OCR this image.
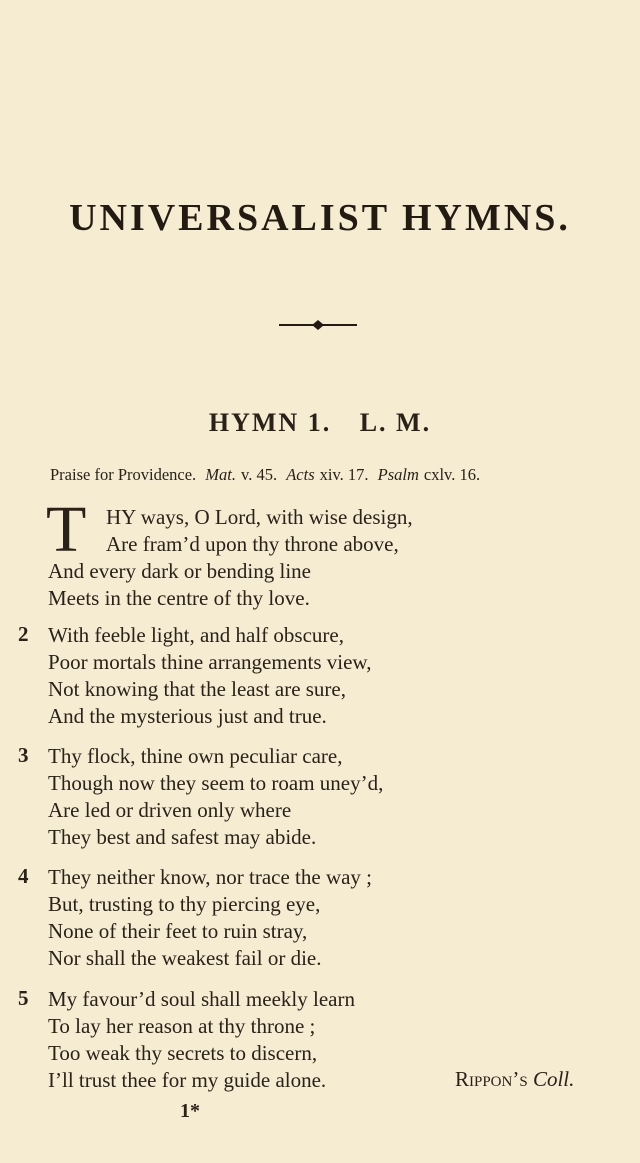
UNIVERSALIST HYMNS.
HYMN 1. L. M.
Praise for Providence. Mat. v. 45. Acts xiv. 17. Psalm cxlv. 16.
T HY ways, O Lord, with wise design,
Are fram’d upon thy throne above,
And every dark or bending line
Meets in the centre of thy love.
2 With feeble light, and half obscure,
Poor mortals thine arrangements view,
Not knowing that the least are sure,
And the mysterious just and true.
3 Thy flock, thine own peculiar care,
Though now they seem to roam uney’d,
Are led or driven only where
They best and safest may abide.
4 They neither know, nor trace the way ;
But, trusting to thy piercing eye,
None of their feet to ruin stray,
Nor shall the weakest fail or die.
5 My favour’d soul shall meekly learn
To lay her reason at thy throne ;
Too weak thy secrets to discern,
I’ll trust thee for my guide alone.	Rippon’s Coll.
1*
